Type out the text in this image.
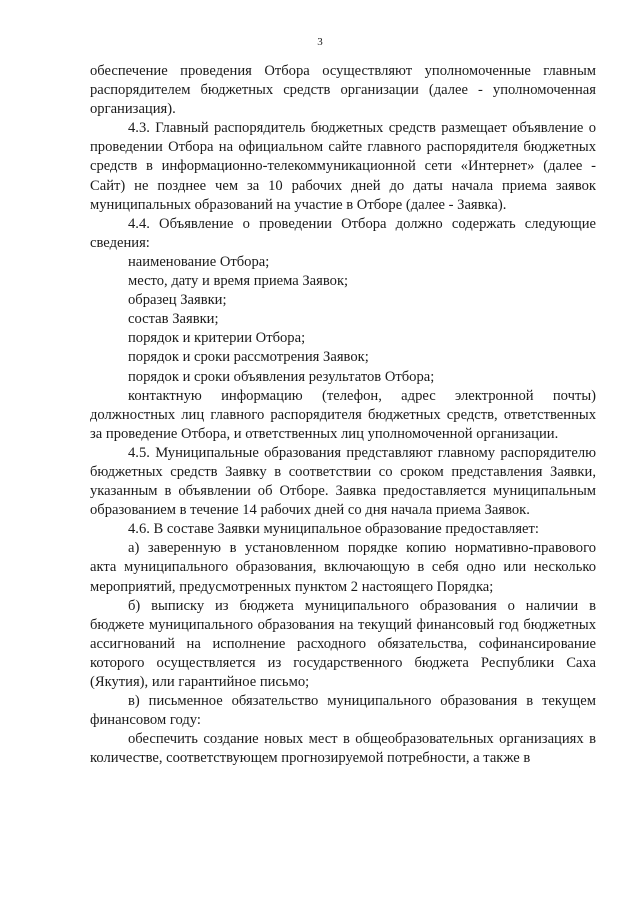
3

обеспечение проведения Отбора осуществляют уполномоченные главным распорядителем бюджетных средств организации (далее - уполномоченная организация).

4.3. Главный распорядитель бюджетных средств размещает объявление о проведении Отбора на официальном сайте главного распорядителя бюджетных средств в информационно-телекоммуникационной сети «Интернет» (далее - Сайт) не позднее чем за 10 рабочих дней до даты начала приема заявок муниципальных образований на участие в Отборе (далее - Заявка).

4.4. Объявление о проведении Отбора должно содержать следующие сведения:

наименование Отбора;

место, дату и время приема Заявок;

образец Заявки;

состав Заявки;

порядок и критерии Отбора;

порядок и сроки рассмотрения Заявок;

порядок и сроки объявления результатов Отбора;

контактную информацию (телефон, адрес электронной почты) должностных лиц главного распорядителя бюджетных средств, ответственных за проведение Отбора, и ответственных лиц уполномоченной организации.

4.5. Муниципальные образования представляют главному распорядителю бюджетных средств Заявку в соответствии со сроком представления Заявки, указанным в объявлении об Отборе. Заявка предоставляется муниципальным образованием в течение 14 рабочих дней со дня начала приема Заявок.

4.6. В составе Заявки муниципальное образование предоставляет:

а) заверенную в установленном порядке копию нормативно-правового акта муниципального образования, включающую в себя одно или несколько мероприятий, предусмотренных пунктом 2 настоящего Порядка;

б) выписку из бюджета муниципального образования о наличии в бюджете муниципального образования на текущий финансовый год бюджетных ассигнований на исполнение расходного обязательства, софинансирование которого осуществляется из государственного бюджета Республики Саха (Якутия), или гарантийное письмо;

в) письменное обязательство муниципального образования в текущем финансовом году:

обеспечить создание новых мест в общеобразовательных организациях в количестве, соответствующем прогнозируемой потребности, а также в
